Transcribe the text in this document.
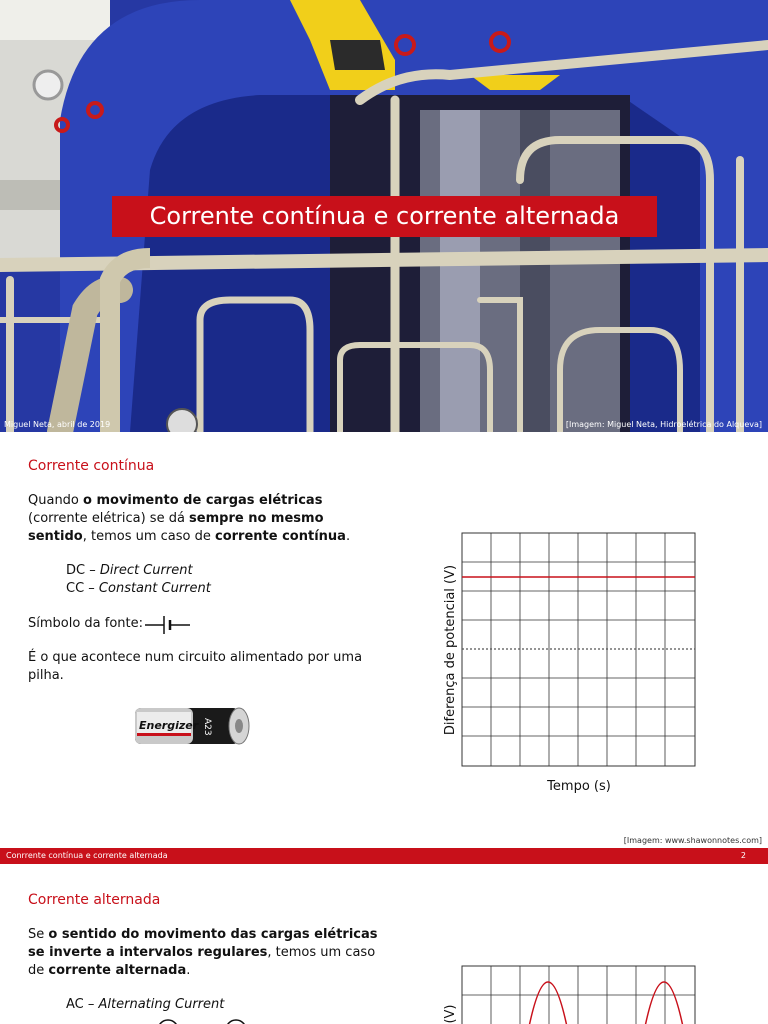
Corrente contínua e corrente alternada
Miguel Neta, abril de 2019	[Imagem: Miguel Neta, Hidroelétrica do Alqueva]
Corrente contínua
Quando o movimento de cargas elétricas (corrente elétrica) se dá sempre no mesmo sentido, temos um caso de corrente contínua.
DC – Direct Current
CC – Constant Current
Símbolo da fonte:
É o que acontece num circuito alimentado por uma pilha.
Energizer A23	Diferença de potencial (V)
Tempo (s)
[Imagem: www.shawonnotes.com]
Conrrente contínua e corrente alternada	2
Corrente alternada
Se o sentido do movimento das cargas elétricas se inverte a intervalos regulares, temos um caso de corrente alternada.
AC – Alternating Current	(V)
